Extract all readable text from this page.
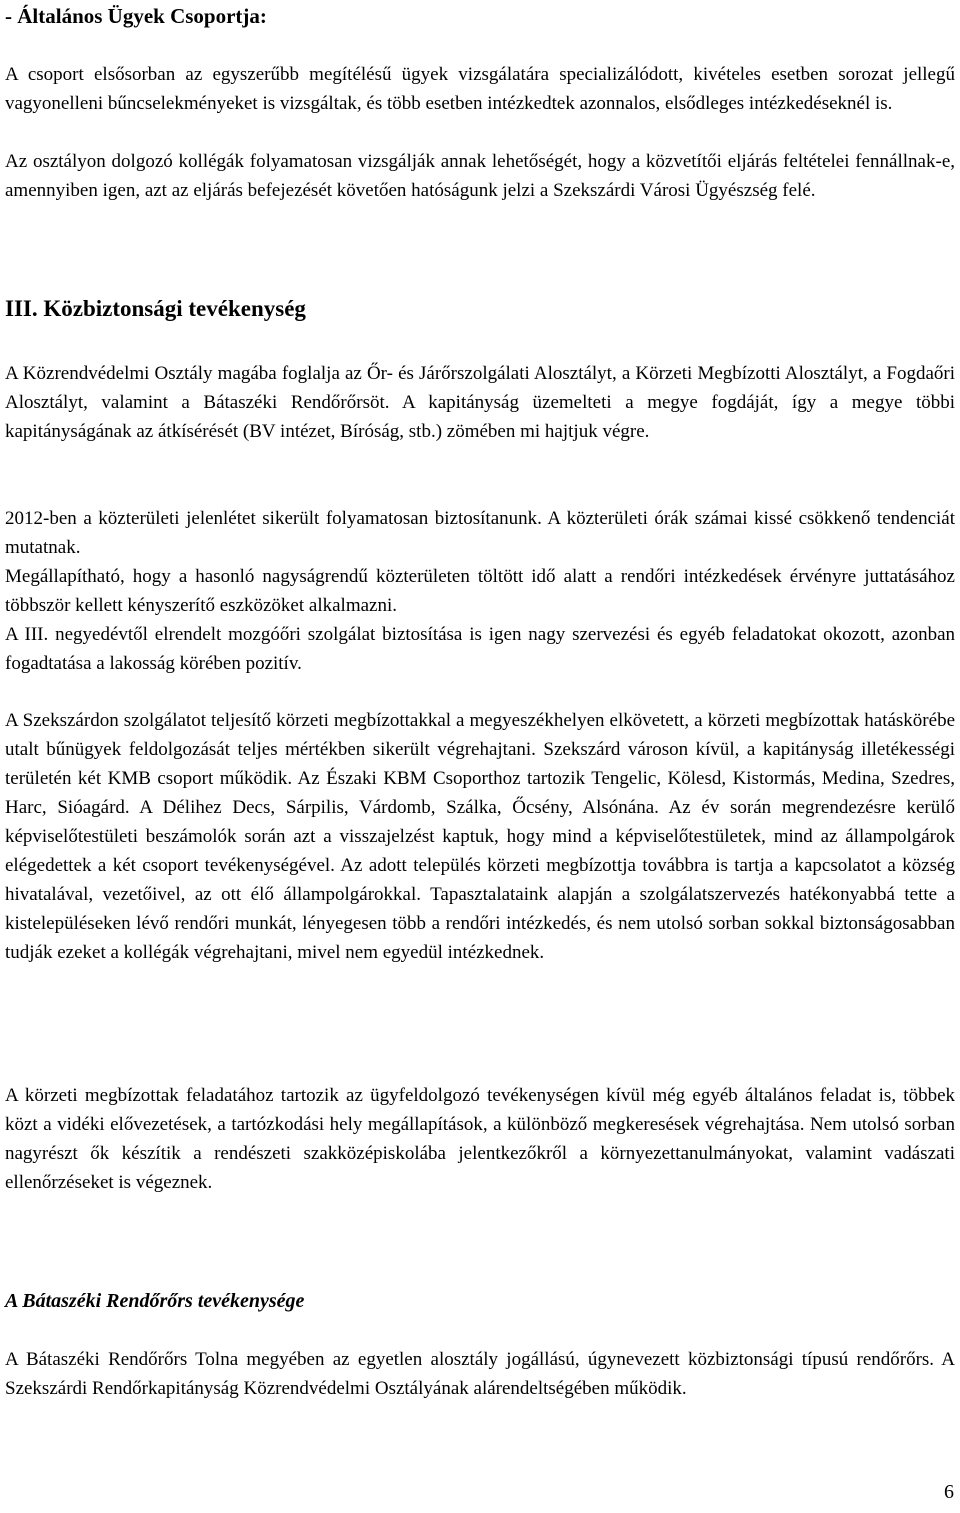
- Általános Ügyek Csoportja:

A csoport elsősorban az egyszerűbb megítélésű ügyek vizsgálatára specializálódott, kivételes esetben sorozat jellegű vagyonelleni bűncselekményeket is vizsgáltak, és több esetben intézkedtek azonnalos, elsődleges intézkedéseknél is.

Az osztályon dolgozó kollégák folyamatosan vizsgálják annak lehetőségét, hogy a közvetítői eljárás feltételei fennállnak-e, amennyiben igen, azt az eljárás befejezését követően hatóságunk jelzi a Szekszárdi Városi Ügyészség felé.

III. Közbiztonsági tevékenység

A Közrendvédelmi Osztály magába foglalja az Őr- és Járőrszolgálati Alosztályt, a Körzeti Megbízotti Alosztályt, a Fogdaőri Alosztályt, valamint a Bátaszéki Rendőrőrsöt. A kapitányság üzemelteti a megye fogdáját, így a megye többi kapitányságának az átkísérését (BV intézet, Bíróság, stb.) zömében mi hajtjuk végre.

2012-ben a közterületi jelenlétet sikerült folyamatosan biztosítanunk. A közterületi órák számai kissé csökkenő tendenciát mutatnak.

Megállapítható, hogy a hasonló nagyságrendű közterületen töltött idő alatt a rendőri intézkedések érvényre juttatásához többször kellett kényszerítő eszközöket alkalmazni.

A III. negyedévtől elrendelt mozgóőri szolgálat biztosítása is igen nagy szervezési és egyéb feladatokat okozott, azonban fogadtatása a lakosság körében pozitív.

A Szekszárdon szolgálatot teljesítő körzeti megbízottakkal a megyeszékhelyen elkövetett, a körzeti megbízottak hatáskörébe utalt bűnügyek feldolgozását teljes mértékben sikerült végrehajtani. Szekszárd városon kívül, a kapitányság illetékességi területén két KMB csoport működik. Az Északi KBM Csoporthoz tartozik Tengelic, Kölesd, Kistormás, Medina, Szedres, Harc, Sióagárd. A Délihez Decs, Sárpilis, Várdomb, Szálka, Őcsény, Alsónána. Az év során megrendezésre kerülő képviselőtestületi beszámolók során azt a visszajelzést kaptuk, hogy mind a képviselőtestületek, mind az állampolgárok elégedettek a két csoport tevékenységével. Az adott település körzeti megbízottja továbbra is tartja a kapcsolatot a község hivatalával, vezetőivel, az ott élő állampolgárokkal. Tapasztalataink alapján a szolgálatszervezés hatékonyabbá tette a kistelepüléseken lévő rendőri munkát, lényegesen több a rendőri intézkedés, és nem utolsó sorban sokkal biztonságosabban tudják ezeket a kollégák végrehajtani, mivel nem egyedül intézkednek.

A körzeti megbízottak feladatához tartozik az ügyfeldolgozó tevékenységen kívül még egyéb általános feladat is, többek közt a vidéki elővezetések, a tartózkodási hely megállapítások, a különböző megkeresések végrehajtása. Nem utolsó sorban nagyrészt ők készítik a rendészeti szakközépiskolába jelentkezőkről a környezettanulmányokat, valamint vadászati ellenőrzéseket is végeznek.

A Bátaszéki Rendőrőrs tevékenysége

A Bátaszéki Rendőrőrs Tolna megyében az egyetlen alosztály jogállású, úgynevezett közbiztonsági típusú rendőrőrs. A Szekszárdi Rendőrkapitányság Közrendvédelmi Osztályának alárendeltségében működik.

6
